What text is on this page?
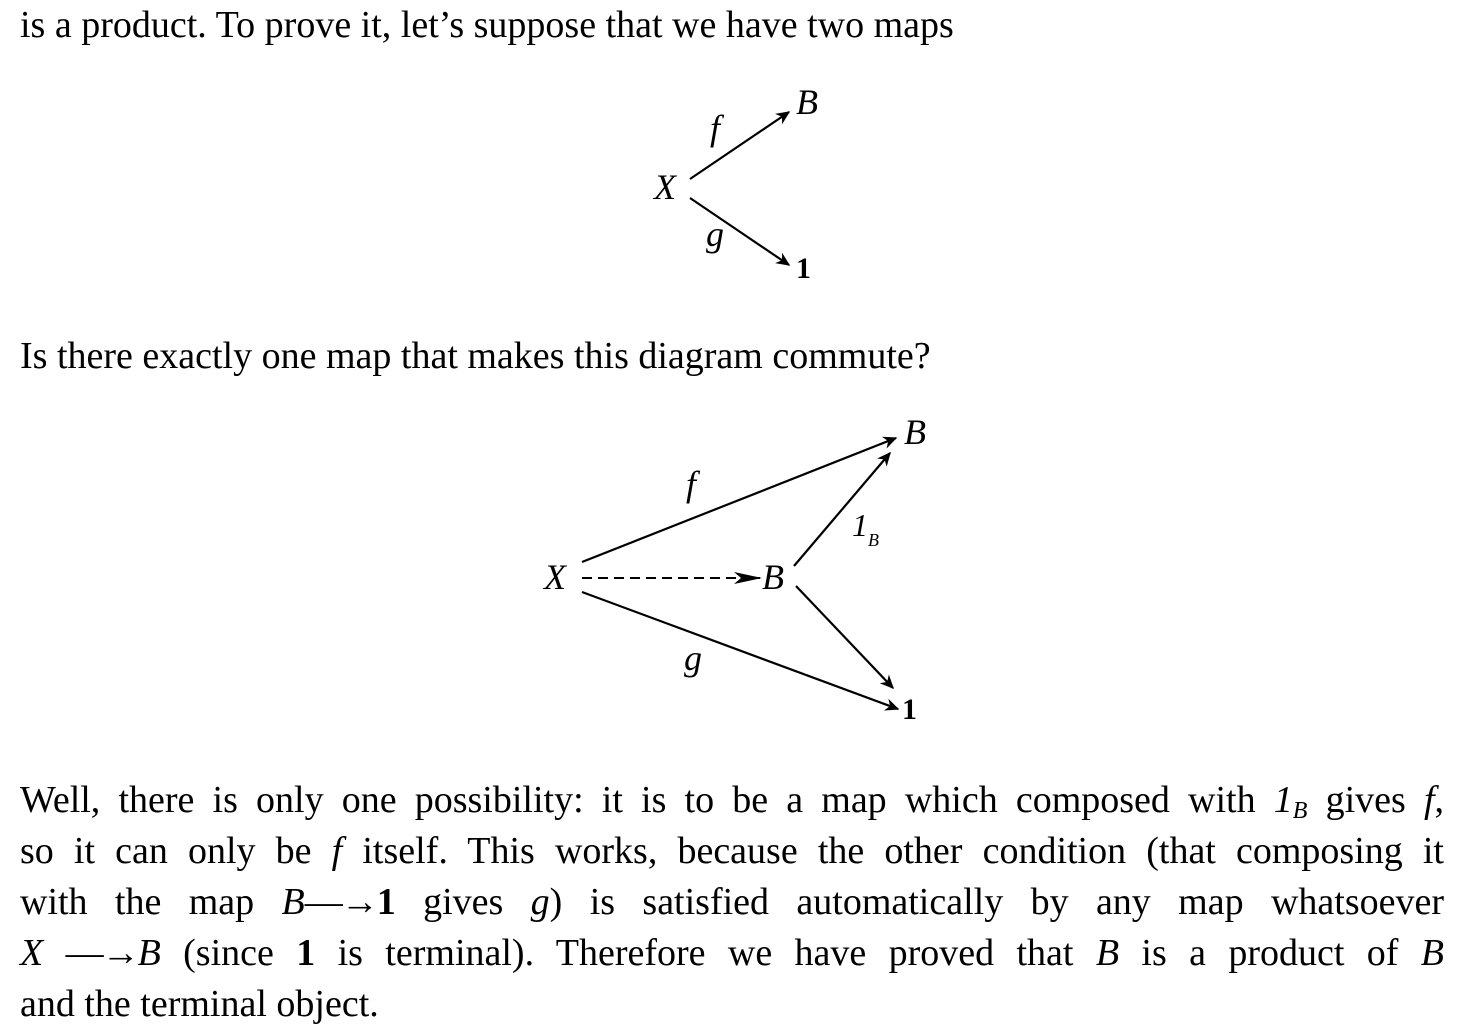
is a product. To prove it, let’s suppose that we have two maps
X
B
1
f
g
X	B
B
1
f
g
1 B
Is there exactly one map that makes this diagram commute?
Well, there is only one possibility: it is to be a map which composed with $1_B$ gives f,
so it can only be f itself. This works, because the other condition (that composing it
with the map B—→1 gives g) is satisfied automatically by any map whatsoever
X —→B (since 1 is terminal). Therefore we have proved that B is a product of B
and the terminal object.
